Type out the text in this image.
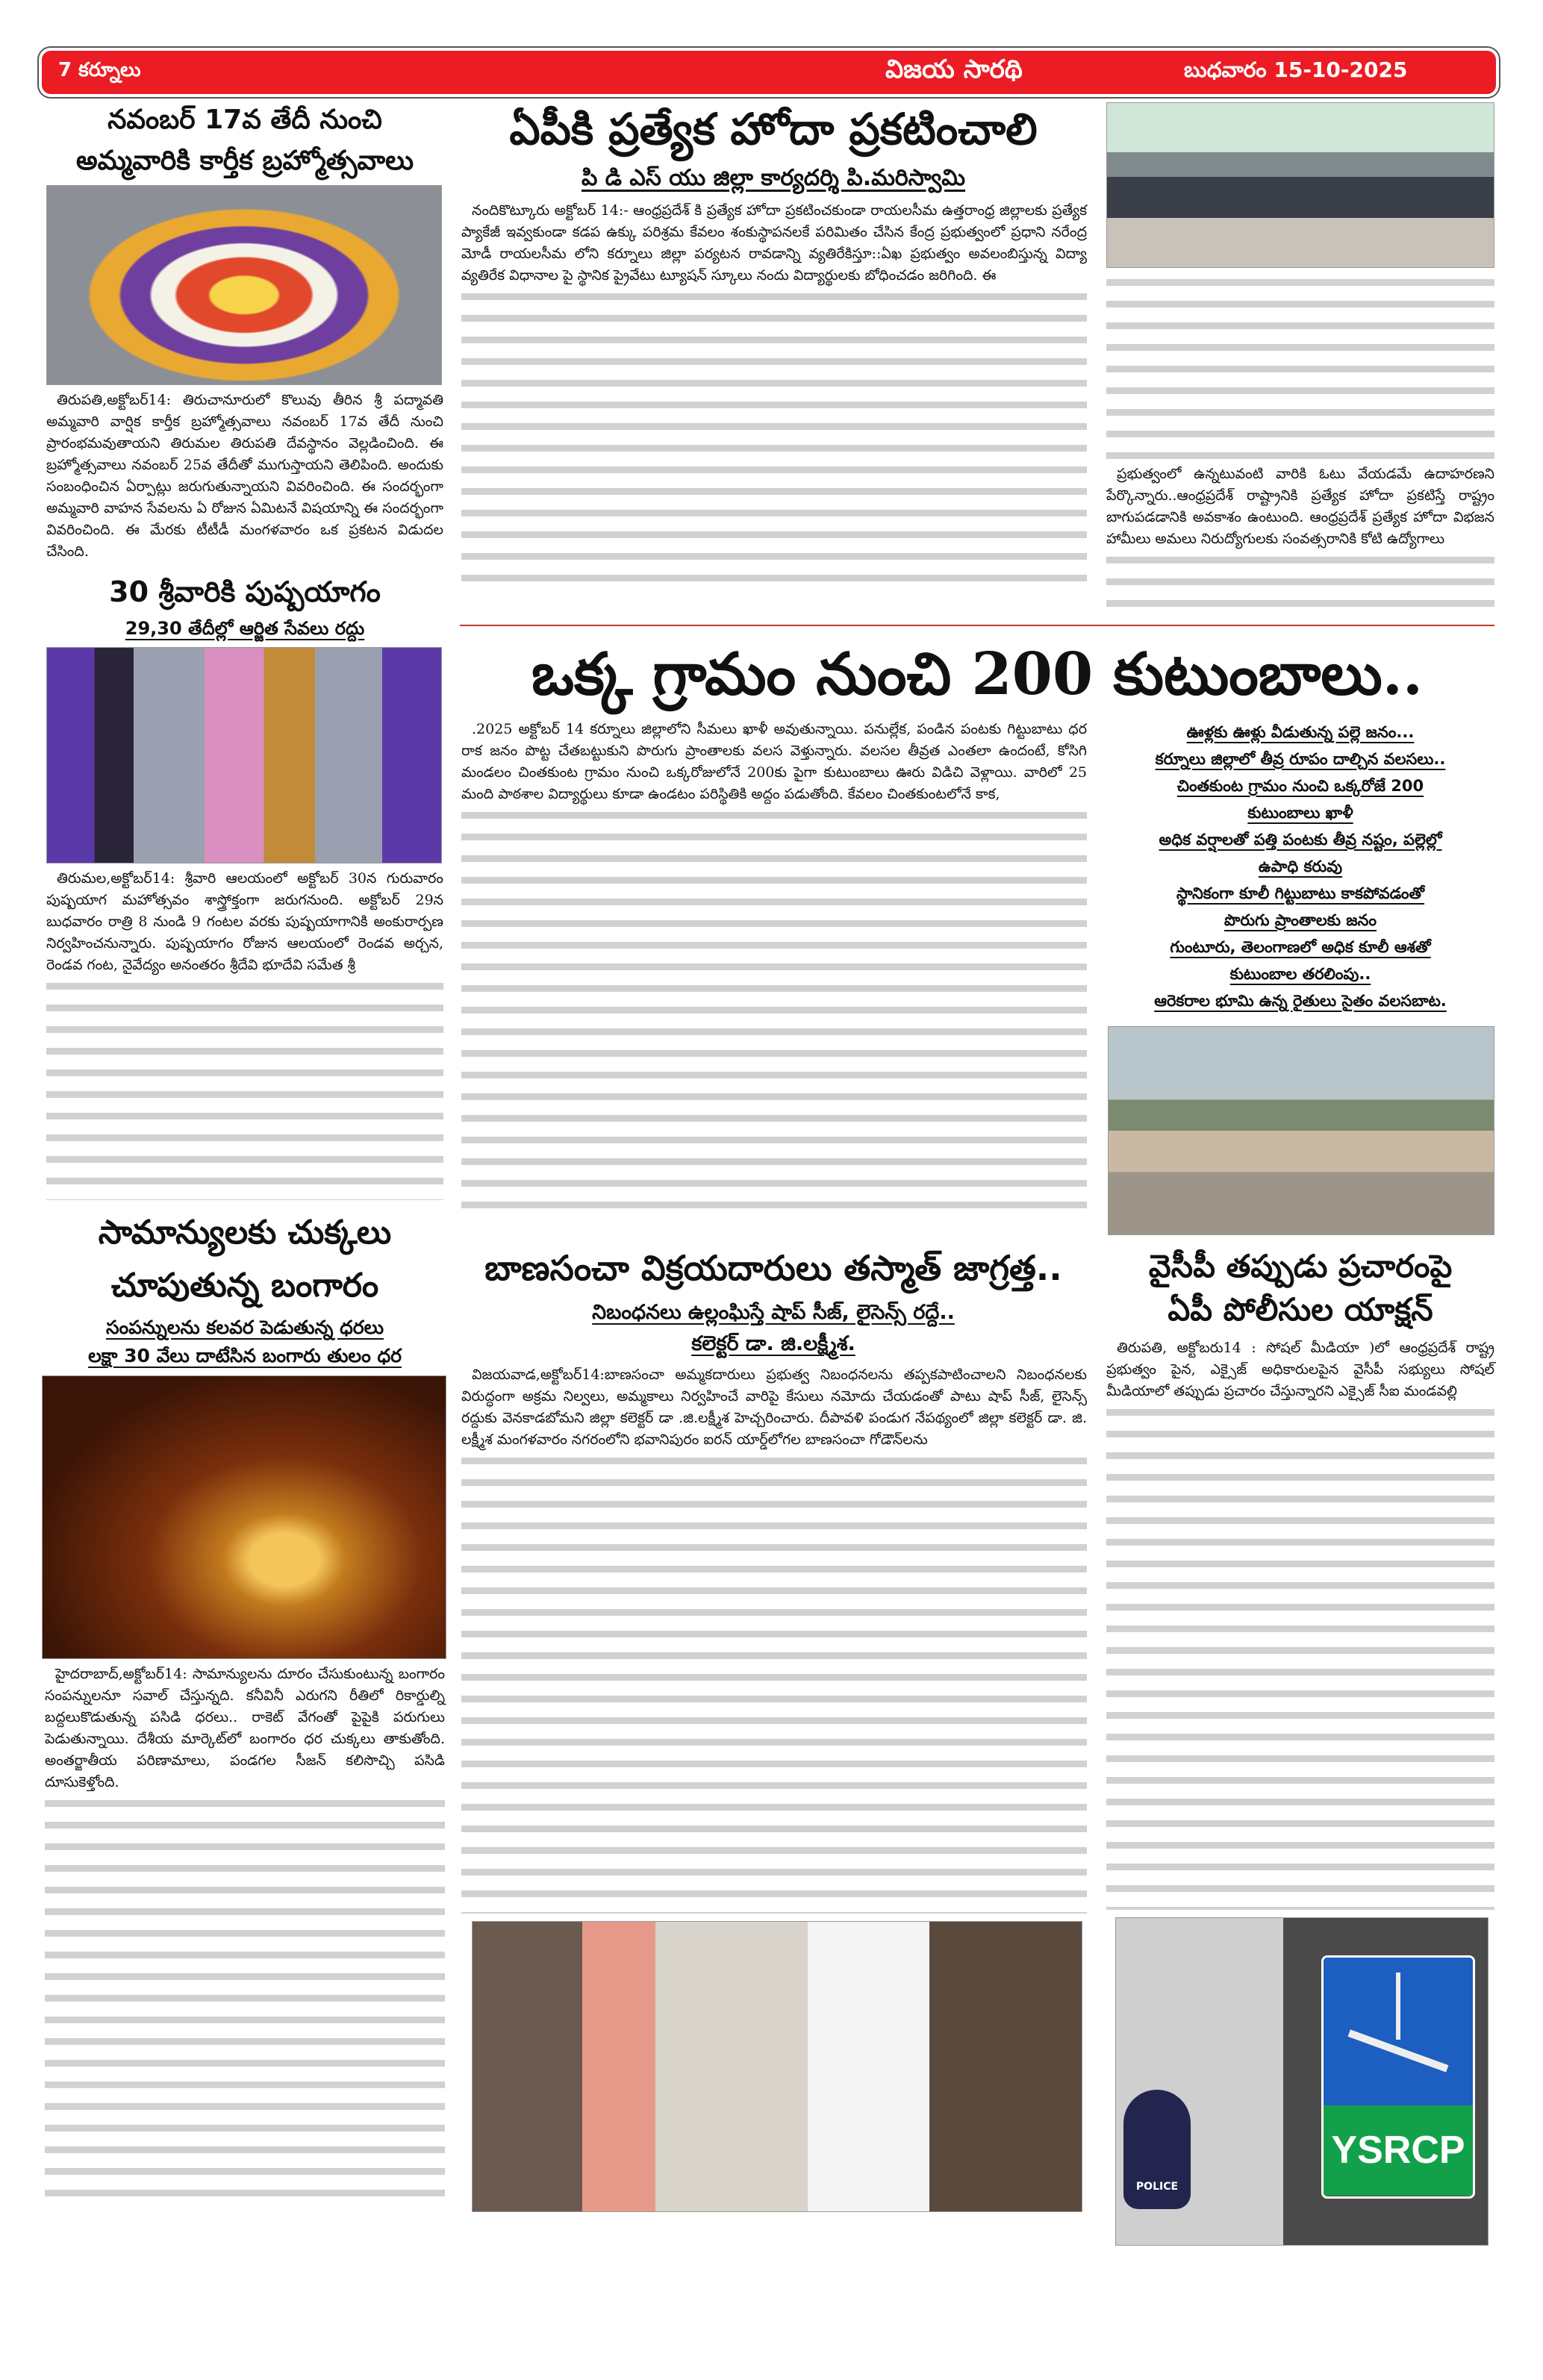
7 కర్నూలు	విజయ సారథి	బుధవారం 15-10-2025
నవంబర్ 17వ తేదీ నుంచి
అమ్మవారికి కార్తీక బ్రహ్మోత్సవాలు
తిరుపతి,అక్టోబర్14: తిరుచానూరులో కొలువు తీరిన శ్రీ పద్మావతి అమ్మవారి వార్షిక కార్తీక బ్రహ్మోత్సవాలు నవంబర్ 17వ తేదీ నుంచి ప్రారంభమవుతాయని తిరుమల తిరుపతి దేవస్థానం వెల్లడించింది. ఈ బ్రహ్మోత్సవాలు నవంబర్ 25వ తేదీతో ముగుస్తాయని తెలిపింది. అందుకు సంబంధించిన ఏర్పాట్లు జరుగుతున్నాయని వివరించింది. ఈ సందర్భంగా అమ్మవారి వాహన సేవలను ఏ రోజున ఏమిటనే విషయాన్ని ఈ సందర్భంగా వివరించింది. ఈ మేరకు టీటీడీ మంగళవారం ఒక ప్రకటన విడుదల చేసింది.
30 శ్రీవారికి పుష్పయాగం
29,30 తేదీల్లో ఆర్జిత సేవలు రద్దు
తిరుమల,అక్టోబర్14: శ్రీవారి ఆలయంలో అక్టోబర్ 30న గురువారం పుష్పయాగ మహోత్సవం శాస్త్రోక్తంగా జరుగనుంది. అక్టోబర్ 29న బుధవారం రాత్రి 8 నుండి 9 గంటల వరకు పుష్పయాగానికి అంకురార్పణ నిర్వహించనున్నారు. పుష్పయాగం రోజున ఆలయంలో రెండవ అర్చన, రెండవ గంట, నైవేద్యం అనంతరం శ్రీదేవి భూదేవి సమేత శ్రీ
సామాన్యులకు చుక్కలు
చూపుతున్న బంగారం
సంపన్నులను కలవర పెడుతున్న ధరలు
లక్షా 30 వేలు దాటేసిన బంగారు తులం ధర
హైదరాబాద్,అక్టోబర్14: సామాన్యులను దూరం చేసుకుంటున్న బంగారం సంపన్నులనూ సవాల్ చేస్తున్నది. కనీవినీ ఎరుగని రీతిలో రికార్డుల్ని బద్దలుకొడుతున్న పసిడి ధరలు.. రాకెట్ వేగంతో పైపైకి పరుగులు పెడుతున్నాయి. దేశీయ మార్కెట్‌లో బంగారం ధర చుక్కలు తాకుతోంది. అంతర్జాతీయ పరిణామాలు, పండగల సీజన్ కలిసొచ్చి పసిడి దూసుకెళ్తోంది.
ఏపీకి ప్రత్యేక హోదా ప్రకటించాలి
పి డి ఎస్ యు జిల్లా కార్యదర్శి పి.మరిస్వామి
నందికొట్కూరు అక్టోబర్ 14:- ఆంధ్రప్రదేశ్ కి ప్రత్యేక హోదా ప్రకటించకుండా రాయలసీమ ఉత్తరాంధ్ర జిల్లాలకు ప్రత్యేక ప్యాకేజీ ఇవ్వకుండా కడప ఉక్కు పరిశ్రమ కేవలం శంకుస్థాపనలకే పరిమితం చేసిన కేంద్ర ప్రభుత్వంలో ప్రధాని నరేంద్ర మోడీ రాయలసీమ లోని కర్నూలు జిల్లా పర్యటన రావడాన్ని వ్యతిరేకిస్తూ::ఏఖ ప్రభుత్వం అవలంబిస్తున్న విద్యా వ్యతిరేక విధానాల పై స్థానిక ప్రైవేటు ట్యూషన్ స్కూలు నందు విద్యార్థులకు బోధించడం జరిగింది. ఈ
ప్రభుత్వంలో ఉన్నటువంటి వారికి ఓటు వేయడమే ఉదాహరణని పేర్కొన్నారు..ఆంధ్రప్రదేశ్ రాష్ట్రానికి ప్రత్యేక హోదా ప్రకటిస్తే రాష్ట్రం బాగుపడడానికి అవకాశం ఉంటుంది. ఆంధ్రప్రదేశ్ ప్రత్యేక హోదా విభజన హామీలు అమలు నిరుద్యోగులకు సంవత్సరానికి కోటి ఉద్యోగాలు
ఒక్క గ్రామం నుంచి 200 కుటుంబాలు..
.2025 అక్టోబర్ 14 కర్నూలు జిల్లాలోని సీమలు ఖాళీ అవుతున్నాయి. పనుల్లేక, పండిన పంటకు గిట్టుబాటు ధర రాక జనం పొట్ట చేతబట్టుకుని పొరుగు ప్రాంతాలకు వలస వెళ్తున్నారు. వలసల తీవ్రత ఎంతలా ఉందంటే, కోసిగి మండలం చింతకుంట గ్రామం నుంచి ఒక్కరోజులోనే 200కు పైగా కుటుంబాలు ఊరు విడిచి వెళ్లాయి. వారిలో 25 మంది పాఠశాల విద్యార్థులు కూడా ఉండటం పరిస్థితికి అద్దం పడుతోంది. కేవలం చింతకుంటలోనే కాక,
ఊళ్లకు ఊళ్లు వీడుతున్న పల్లె జనం...
కర్నూలు జిల్లాలో తీవ్ర రూపం దాల్చిన వలసలు..
చింతకుంట గ్రామం నుంచి ఒక్కరోజే 200
కుటుంబాలు ఖాళీ
అధిక వర్షాలతో పత్తి పంటకు తీవ్ర నష్టం, పల్లెల్లో
ఉపాధి కరువు
స్థానికంగా కూలీ గిట్టుబాటు కాకపోవడంతో
పొరుగు ప్రాంతాలకు జనం
గుంటూరు, తెలంగాణలో అధిక కూలీ ఆశతో
కుటుంబాల తరలింపు..
ఆరెకరాల భూమి ఉన్న రైతులు సైతం వలసబాట.
బాణసంచా విక్రయదారులు తస్మాత్ జాగ్రత్త..
నిబంధనలు ఉల్లంఘిస్తే షాప్ సీజ్, లైసెన్స్ రద్దే..
కలెక్టర్ డా. జి.లక్ష్మీశ.
విజయవాడ,అక్టోబర్14:బాణసంచా అమ్మకదారులు ప్రభుత్వ నిబంధనలను తప్పకపాటించాలని నిబంధనలకు విరుద్ధంగా అక్రమ నిల్వలు, అమ్మకాలు నిర్వహించే వారిపై కేసులు నమోదు చేయడంతో పాటు షాప్ సీజ్, లైసెన్స్ రద్దుకు వెనకాడబోమని జిల్లా కలెక్టర్ డా .జి.లక్ష్మీశ హెచ్చరించారు. దీపావళి పండుగ నేపథ్యంలో జిల్లా కలెక్టర్ డా. జి. లక్ష్మీశ మంగళవారం నగరంలోని భవానిపురం ఐరన్ యార్డ్‌లోగల బాణసంచా గోడౌన్‌లను
వైసీపీ తప్పుడు ప్రచారంపై
ఏపీ పోలీసుల యాక్షన్
తిరుపతి, అక్టోబరు14 : సోషల్ మీడియా )లో ఆంధ్రప్రదేశ్ రాష్ట్ర ప్రభుత్వం పైన, ఎక్సైజ్ అధికారులపైన వైసీపీ సభ్యులు సోషల్ మీడియాలో తప్పుడు ప్రచారం చేస్తున్నారని ఎక్సైజ్ సీఐ మండవల్లి
POLICE
YSRCP
